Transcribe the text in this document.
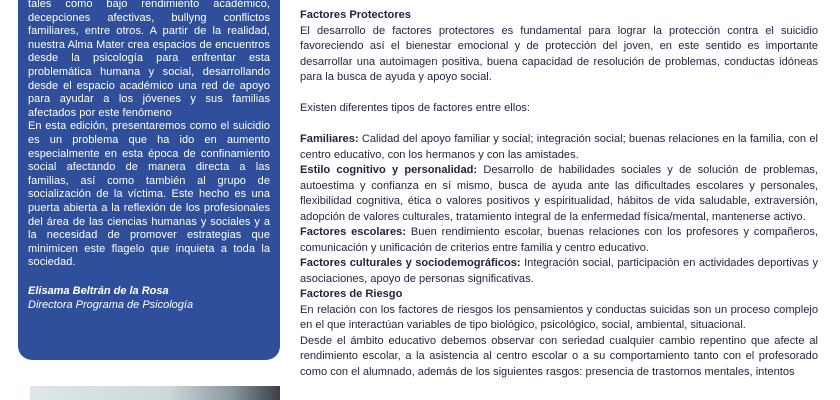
tales como bajo rendimiento académico, decepciones afectivas, bullyng conflictos familiares, entre otros. A partir de la realidad, nuestra Alma Mater crea espacios de encuentros desde la psicología para enfrentar esta problemática humana y social, desarrollando desde el espacio académico una red de apoyo para ayudar a los jóvenes y sus familias afectados por este fenómeno

En esta edición, presentaremos como el suicidio es un problema que ha ido en aumento especialmente en esta época de confinamiento social afectando de manera directa a las familias, así como también al grupo de socialización de la víctima. Este hecho es una puerta abierta a la reflexión de los profesionales del área de las ciencias humanas y sociales y a la necesidad de promover estrategias que minimicen este flagelo que inquieta a toda la sociedad.

Elisama Beltrán de la Rosa
Directora Programa de Psicología

Factores Protectores

El desarrollo de factores protectores es fundamental para lograr la protección contra el suicidio favoreciendo así el bienestar emocional y de protección del joven, en este sentido es importante desarrollar una autoimagen positiva, buena capacidad de resolución de problemas, conductas idóneas para la busca de ayuda y apoyo social.

Existen diferentes tipos de factores entre ellos:

Familiares: Calidad del apoyo familiar y social; integración social; buenas relaciones en la familia, con el centro educativo, con los hermanos y con las amistades.

Estilo cognitivo y personalidad: Desarrollo de habilidades sociales y de solución de problemas, autoestima y confianza en sí mismo, busca de ayuda ante las dificultades escolares y personales, flexibilidad cognitiva, ética o valores positivos y espiritualidad, hábitos de vida saludable, extraversión, adopción de valores culturales, tratamiento integral de la enfermedad física/mental, mantenerse activo.

Factores escolares: Buen rendimiento escolar, buenas relaciones con los profesores y compañeros, comunicación y unificación de criterios entre familia y centro educativo.

Factores culturales y sociodemográficos: Integración social, participación en actividades deportivas y asociaciones, apoyo de personas significativas.

Factores de Riesgo

En relación con los factores de riesgos los pensamientos y conductas suicidas son un proceso complejo en el que interactúan variables de tipo biológico, psicológico, social, ambiental, situacional.

Desde el ámbito educativo debemos observar con seriedad cualquier cambio repentino que afecte al rendimiento escolar, a la asistencia al centro escolar o a su comportamiento tanto con el profesorado como con el alumnado, además de los siguientes rasgos: presencia de trastornos mentales, intentos
